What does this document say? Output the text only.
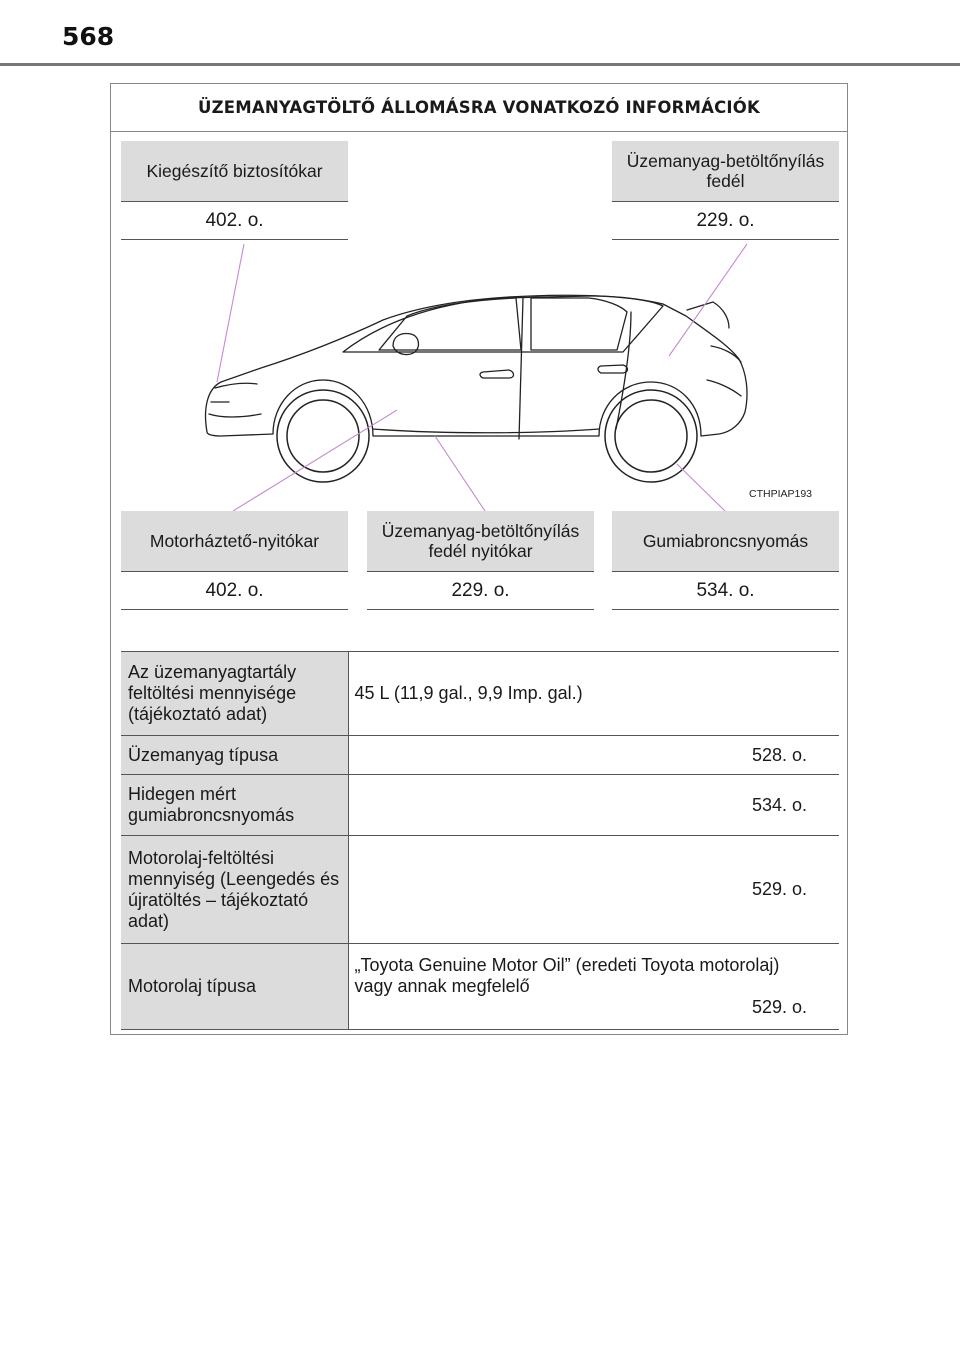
568
ÜZEMANYAGTÖLTŐ ÁLLOMÁSRA VONATKOZÓ INFORMÁCIÓK
Kiegészítő biztosítókar
402. o.
Üzemanyag-betöltőnyílás fedél
229. o.
CTHPIAP193
Motorháztető-nyitókar
402. o.
Üzemanyag-betöltőnyílás fedél nyitókar
229. o.
Gumiabroncsnyomás
534. o.
Az üzemanyagtartály feltöltési mennyisége (tájékoztató adat)	45 L (11,9 gal., 9,9 Imp. gal.)

Üzemanyag típusa	528. o.

Hidegen mért gumiabroncsnyomás	534. o.

Motorolaj-feltöltési mennyiség (Leengedés és újratöltés – tájékoztató adat)	529. o.

Motorolaj típusa	„Toyota Genuine Motor Oil” (eredeti Toyota motorolaj) vagy annak megfelelő
529. o.
